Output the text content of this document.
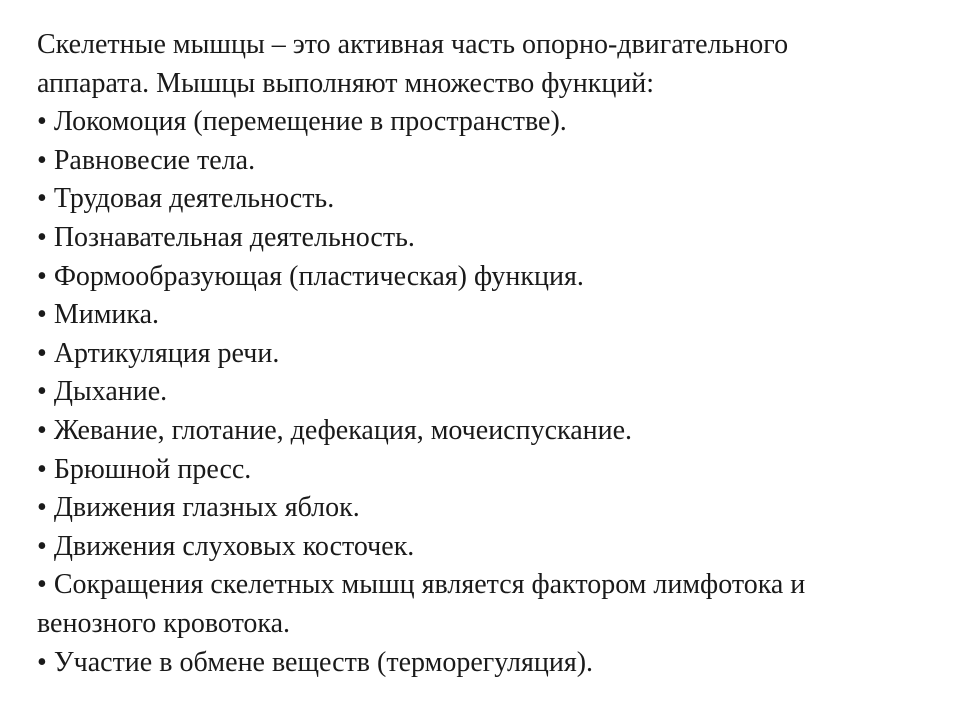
Скелетные мышцы – это активная часть опорно-двигательного
аппарата. Мышцы выполняют множество функций:
• Локомоция (перемещение в пространстве).
• Равновесие тела.
• Трудовая деятельность.
• Познавательная деятельность.
• Формообразующая (пластическая) функция.
• Мимика.
• Артикуляция речи.
• Дыхание.
• Жевание, глотание, дефекация, мочеиспускание.
• Брюшной пресс.
• Движения глазных яблок.
• Движения слуховых косточек.
• Сокращения скелетных мышц является фактором лимфотока и
венозного кровотока.
• Участие в обмене веществ (терморегуляция).
